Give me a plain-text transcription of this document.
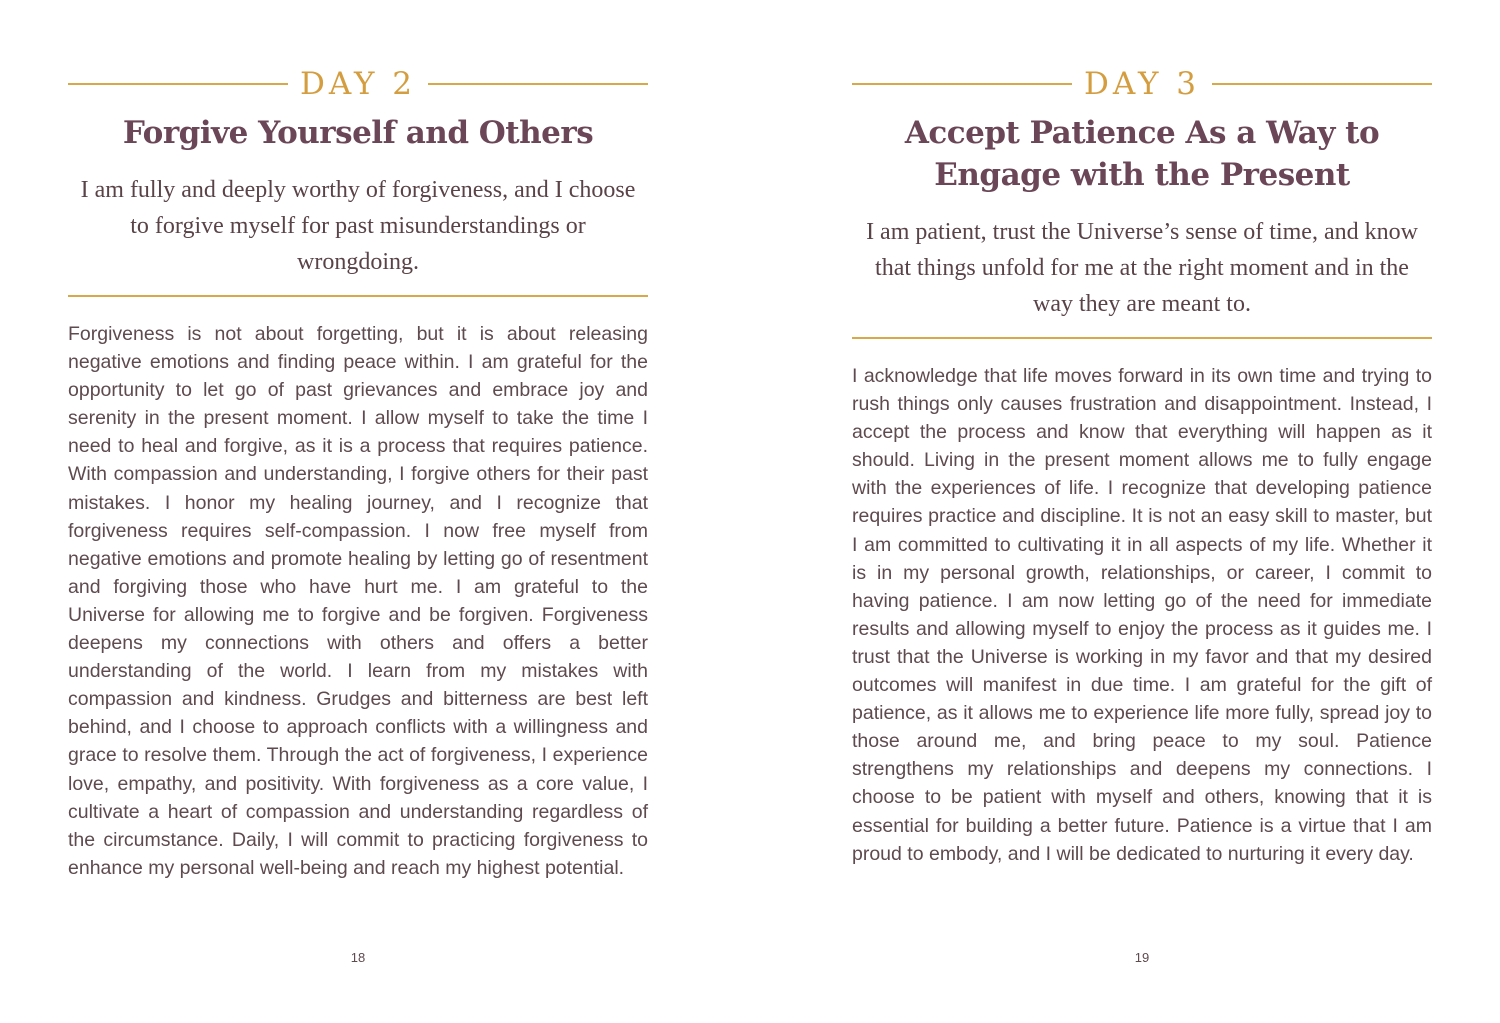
DAY 2
Forgive Yourself and Others

I am fully and deeply worthy of forgiveness, and I choose to forgive myself for past misunderstandings or wrongdoing.

Forgiveness is not about forgetting, but it is about releasing negative emotions and finding peace within. I am grateful for the opportunity to let go of past grievances and embrace joy and serenity in the present moment. I allow myself to take the time I need to heal and forgive, as it is a process that requires patience. With compassion and understanding, I forgive others for their past mistakes. I honor my healing journey, and I recognize that forgiveness requires self-compassion. I now free myself from negative emotions and promote healing by letting go of resentment and forgiving those who have hurt me. I am grateful to the Universe for allowing me to forgive and be forgiven. Forgiveness deepens my connections with others and offers a better understanding of the world. I learn from my mistakes with compassion and kindness. Grudges and bitterness are best left behind, and I choose to approach conflicts with a willingness and grace to resolve them. Through the act of forgiveness, I experience love, empathy, and positivity. With forgiveness as a core value, I cultivate a heart of compassion and understanding regardless of the circumstance. Daily, I will commit to practicing forgiveness to enhance my personal well-being and reach my highest potential.

18
DAY 3
Accept Patience As a Way to Engage with the Present

I am patient, trust the Universe’s sense of time, and know that things unfold for me at the right moment and in the way they are meant to.

I acknowledge that life moves forward in its own time and trying to rush things only causes frustration and disappointment. Instead, I accept the process and know that everything will happen as it should. Living in the present moment allows me to fully engage with the experiences of life. I recognize that developing patience requires practice and discipline. It is not an easy skill to master, but I am committed to cultivating it in all aspects of my life. Whether it is in my personal growth, relationships, or career, I commit to having patience. I am now letting go of the need for immediate results and allowing myself to enjoy the process as it guides me. I trust that the Universe is working in my favor and that my desired outcomes will manifest in due time. I am grateful for the gift of patience, as it allows me to experience life more fully, spread joy to those around me, and bring peace to my soul. Patience strengthens my relationships and deepens my connections. I choose to be patient with myself and others, knowing that it is essential for building a better future. Patience is a virtue that I am proud to embody, and I will be dedicated to nurturing it every day.

19
